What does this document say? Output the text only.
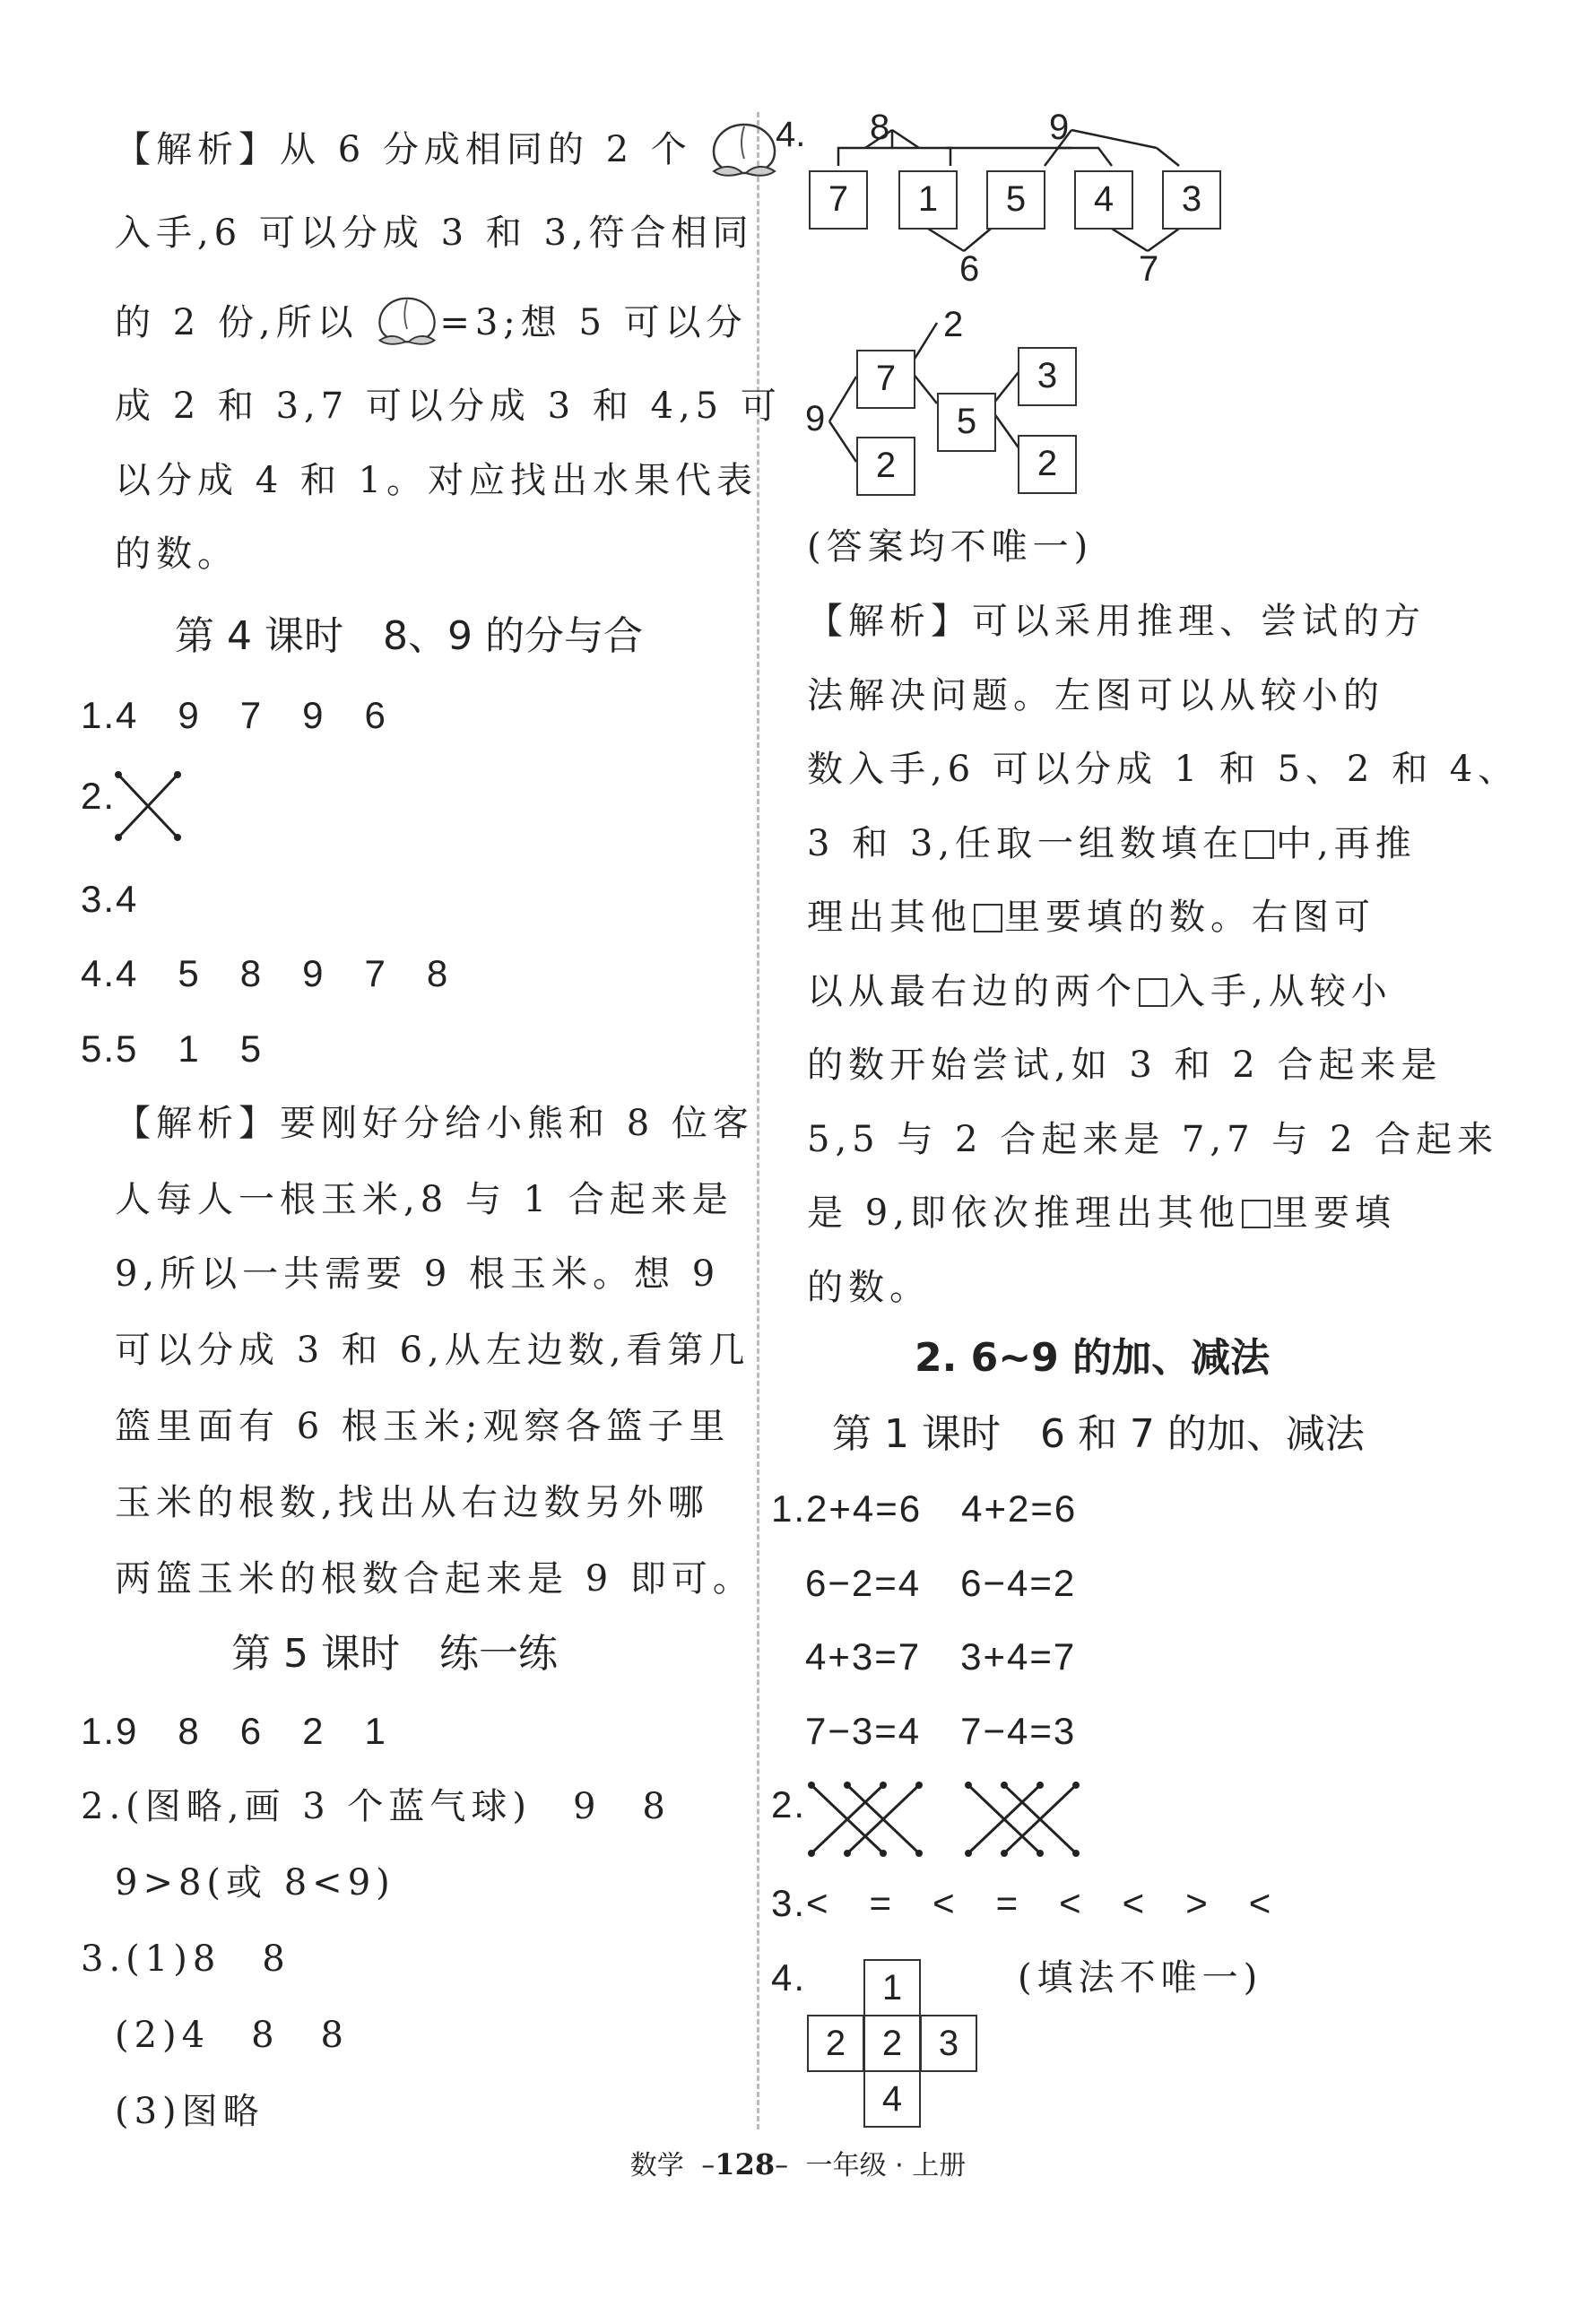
【解析】从 6 分成相同的 2 个
入手,6 可以分成 3 和 3,符合相同
的 2 份,所以 =3;想 5 可以分
成 2 和 3,7 可以分成 3 和 4,5 可
以分成 4 和 1。对应找出水果代表
的数。
第 4 课时　8、9 的分与合
1.4　9　7　9　6
2.
3.4
4.4　5　8　9　7　8
5.5　1　5
【解析】要刚好分给小熊和 8 位客
人每人一根玉米,8 与 1 合起来是
9,所以一共需要 9 根玉米。想 9
可以分成 3 和 6,从左边数,看第几
篮里面有 6 根玉米;观察各篮子里
玉米的根数,找出从右边数另外哪
两篮玉米的根数合起来是 9 即可。
第 5 课时　练一练
1.9　8　6　2　1
2.(图略,画 3 个蓝气球)　9　8
9>8(或 8<9)
3.(1)8　8
(2)4　8　8
(3)图略
4. 8	9
7	1	5	4	3
6	7
2
9
7
2
5
3
2
(答案均不唯一)
【解析】可以采用推理、尝试的方
法解决问题。左图可以从较小的
数入手,6 可以分成 1 和 5、2 和 4、
3 和 3,任取一组数填在 中,再推
理出其他 里要填的数。右图可
以从最右边的两个 入手,从较小
的数开始尝试,如 3 和 2 合起来是
5,5 与 2 合起来是 7,7 与 2 合起来
是 9,即依次推理出其他 里要填
的数。
2. 6~9 的加、减法
第 1 课时　6 和 7 的加、减法
1.2+4=6　4+2=6
6−2=4　6−4=2
4+3=7　3+4=7
7−3=4　7−4=3
2.
3.<　=　<　=　<　<　>　<
4.	1
2	2	3
4
(填法不唯一)
数学 –128– 一年级 · 上册
